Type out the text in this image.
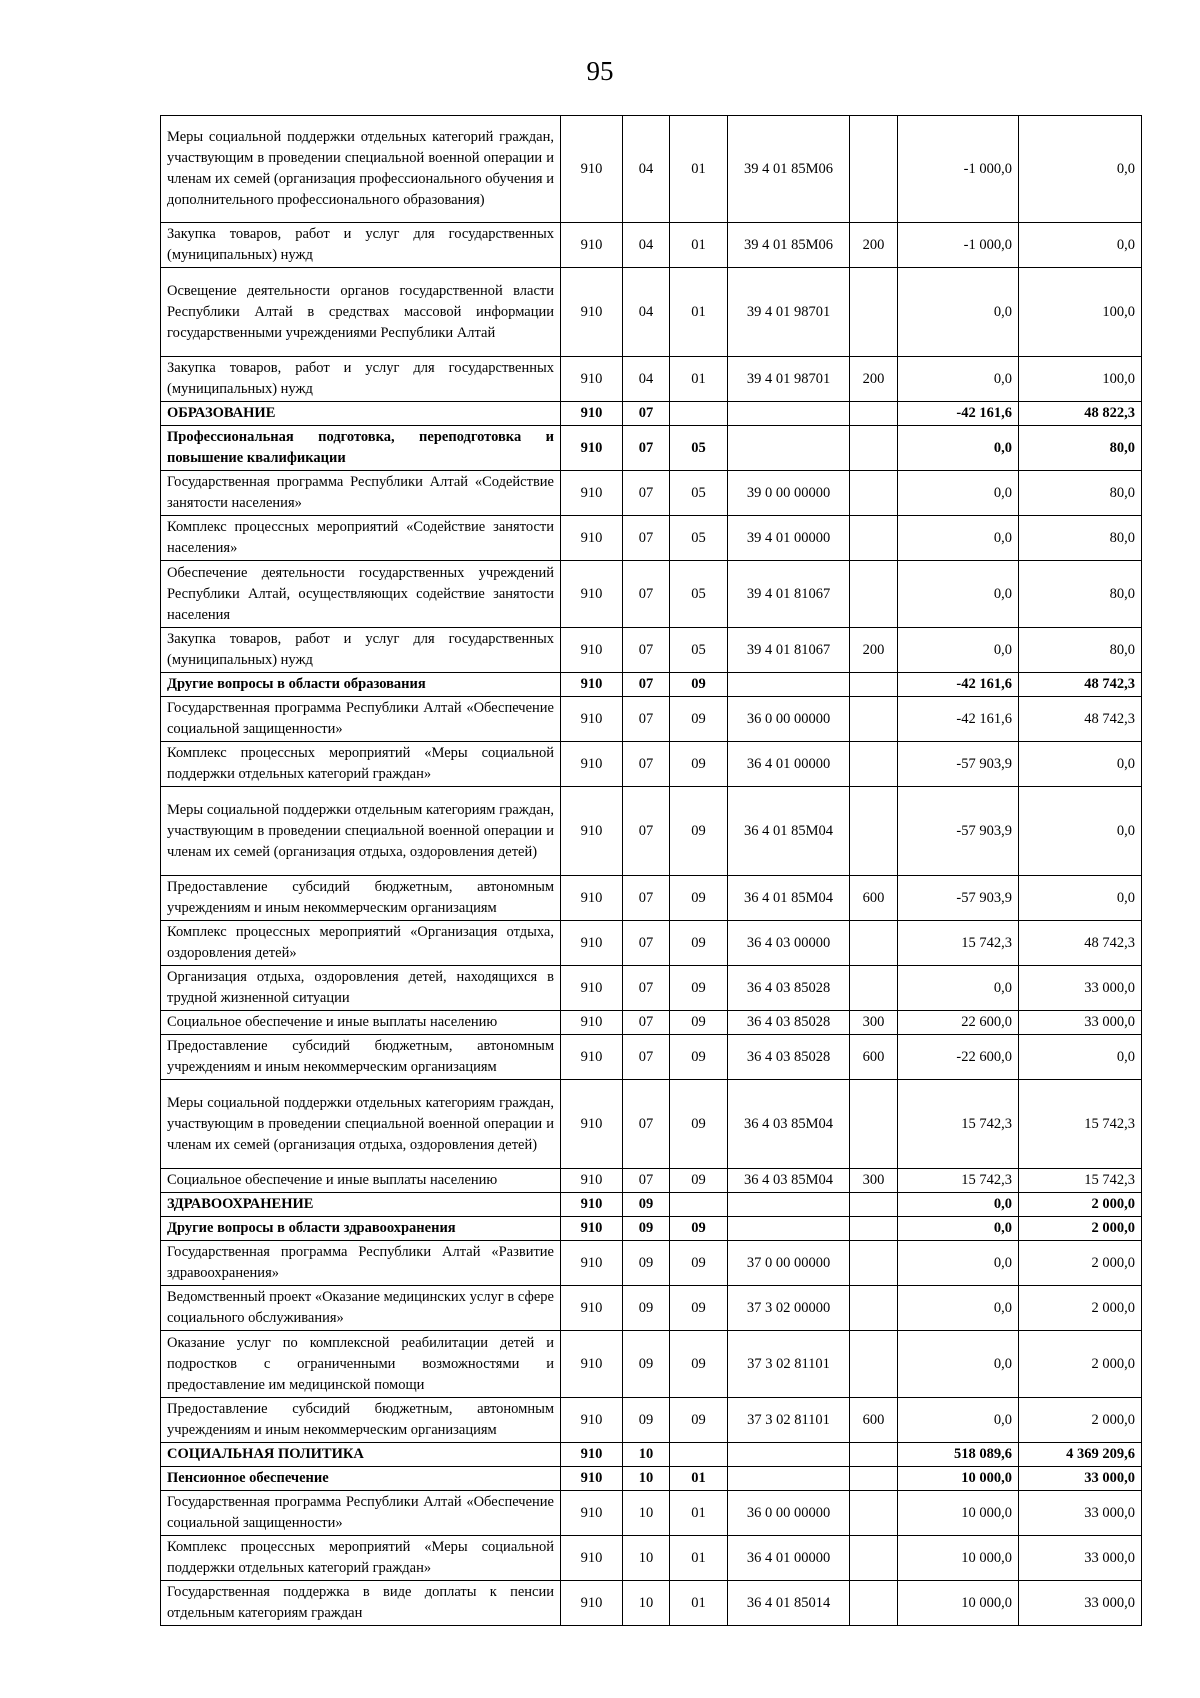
95
Меры социальной поддержки отдельных категорий граждан, участвующим в проведении специальной военной операции и членам их семей (организация профессионального обучения и дополнительного профессионального образования)	910	04	01	39 4 01 85М06		-1 000,0	0,0
Закупка товаров, работ и услуг для государственных (муниципальных) нужд	910	04	01	39 4 01 85М06	200	-1 000,0	0,0
Освещение деятельности органов государственной власти Республики Алтай в средствах массовой информации государственными учреждениями Республики Алтай	910	04	01	39 4 01 98701		0,0	100,0
Закупка товаров, работ и услуг для государственных (муниципальных) нужд	910	04	01	39 4 01 98701	200	0,0	100,0
ОБРАЗОВАНИЕ	910	07				-42 161,6	48 822,3
Профессиональная подготовка, переподготовка и повышение квалификации	910	07	05			0,0	80,0
Государственная программа Республики Алтай «Содействие занятости населения»	910	07	05	39 0 00 00000		0,0	80,0
Комплекс процессных мероприятий «Содействие занятости населения»	910	07	05	39 4 01 00000		0,0	80,0
Обеспечение деятельности государственных учреждений Республики Алтай, осуществляющих содействие занятости населения	910	07	05	39 4 01 81067		0,0	80,0
Закупка товаров, работ и услуг для государственных (муниципальных) нужд	910	07	05	39 4 01 81067	200	0,0	80,0
Другие вопросы в области образования	910	07	09			-42 161,6	48 742,3
Государственная программа Республики Алтай «Обеспечение социальной защищенности»	910	07	09	36 0 00 00000		-42 161,6	48 742,3
Комплекс процессных мероприятий «Меры социальной поддержки отдельных категорий граждан»	910	07	09	36 4 01 00000		-57 903,9	0,0
Меры социальной поддержки отдельным категориям граждан, участвующим в проведении специальной военной операции и членам их семей (организация отдыха, оздоровления детей)	910	07	09	36 4 01 85М04		-57 903,9	0,0
Предоставление субсидий бюджетным, автономным учреждениям и иным некоммерческим организациям	910	07	09	36 4 01 85М04	600	-57 903,9	0,0
Комплекс процессных мероприятий «Организация отдыха, оздоровления детей»	910	07	09	36 4 03 00000		15 742,3	48 742,3
Организация отдыха, оздоровления детей, находящихся в трудной жизненной ситуации	910	07	09	36 4 03 85028		0,0	33 000,0
Социальное обеспечение и иные выплаты населению	910	07	09	36 4 03 85028	300	22 600,0	33 000,0
Предоставление субсидий бюджетным, автономным учреждениям и иным некоммерческим организациям	910	07	09	36 4 03 85028	600	-22 600,0	0,0
Меры социальной поддержки отдельных категориям граждан, участвующим в проведении специальной военной операции и членам их семей (организация отдыха, оздоровления детей)	910	07	09	36 4 03 85М04		15 742,3	15 742,3
Социальное обеспечение и иные выплаты населению	910	07	09	36 4 03 85М04	300	15 742,3	15 742,3
ЗДРАВООХРАНЕНИЕ	910	09				0,0	2 000,0
Другие вопросы в области здравоохранения	910	09	09			0,0	2 000,0
Государственная программа Республики Алтай «Развитие здравоохранения»	910	09	09	37 0 00 00000		0,0	2 000,0
Ведомственный проект «Оказание медицинских услуг в сфере социального обслуживания»	910	09	09	37 3 02 00000		0,0	2 000,0
Оказание услуг по комплексной реабилитации детей и подростков с ограниченными возможностями и предоставление им медицинской помощи	910	09	09	37 3 02 81101		0,0	2 000,0
Предоставление субсидий бюджетным, автономным учреждениям и иным некоммерческим организациям	910	09	09	37 3 02 81101	600	0,0	2 000,0
СОЦИАЛЬНАЯ ПОЛИТИКА	910	10				518 089,6	4 369 209,6
Пенсионное обеспечение	910	10	01			10 000,0	33 000,0
Государственная программа Республики Алтай «Обеспечение социальной защищенности»	910	10	01	36 0 00 00000		10 000,0	33 000,0
Комплекс процессных мероприятий «Меры социальной поддержки отдельных категорий граждан»	910	10	01	36 4 01 00000		10 000,0	33 000,0
Государственная поддержка в виде доплаты к пенсии отдельным категориям граждан	910	10	01	36 4 01 85014		10 000,0	33 000,0
